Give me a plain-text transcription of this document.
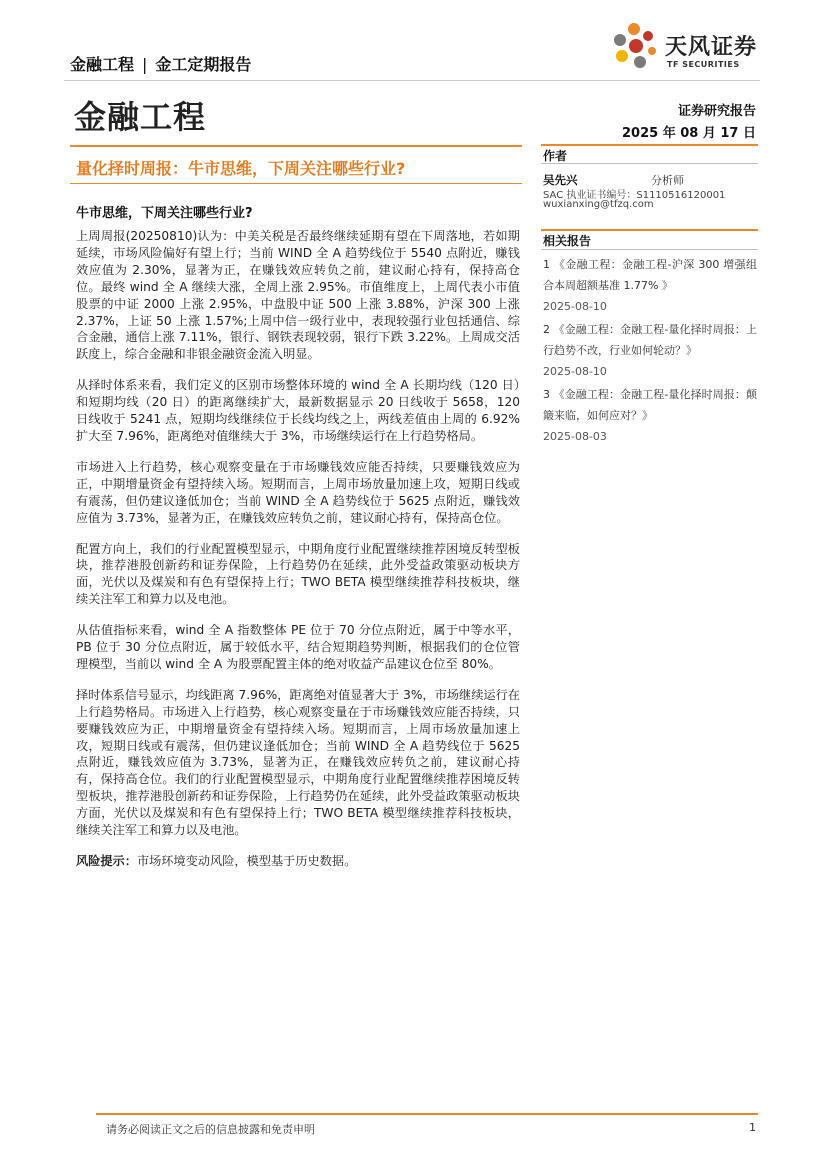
金融工程 | 金工定期报告
天风证券
TF SECURITIES
金融工程	证券研究报告
2025 年 08 月 17 日
量化择时周报：牛市思维，下周关注哪些行业?
牛市思维，下周关注哪些行业?

上周周报(20250810)认为：中美关税是否最终继续延期有望在下周落地，若如期延续，市场风险偏好有望上行；当前 WIND 全 A 趋势线位于 5540 点附近，赚钱效应值为 2.30%，显著为正，在赚钱效应转负之前，建议耐心持有，保持高仓位。最终 wind 全 A 继续大涨，全周上涨 2.95%。市值维度上，上周代表小市值股票的中证 2000 上涨 2.95%，中盘股中证 500 上涨 3.88%，沪深 300 上涨 2.37%，上证 50 上涨 1.57%;上周中信一级行业中，表现较强行业包括通信、综合金融，通信上涨 7.11%，银行、钢铁表现较弱，银行下跌 3.22%。上周成交活跃度上，综合金融和非银金融资金流入明显。

从择时体系来看，我们定义的区别市场整体环境的 wind 全 A 长期均线（120 日）和短期均线（20 日）的距离继续扩大，最新数据显示 20 日线收于 5658，120 日线收于 5241 点，短期均线继续位于长线均线之上，两线差值由上周的 6.92%扩大至 7.96%，距离绝对值继续大于 3%，市场继续运行在上行趋势格局。

市场进入上行趋势，核心观察变量在于市场赚钱效应能否持续，只要赚钱效应为正，中期增量资金有望持续入场。短期而言，上周市场放量加速上攻，短期日线或有震荡，但仍建议逢低加仓；当前 WIND 全 A 趋势线位于 5625 点附近，赚钱效应值为 3.73%，显著为正，在赚钱效应转负之前，建议耐心持有，保持高仓位。

配置方向上，我们的行业配置模型显示，中期角度行业配置继续推荐困境反转型板块，推荐港股创新药和证券保险，上行趋势仍在延续，此外受益政策驱动板块方面，光伏以及煤炭和有色有望保持上行；TWO BETA 模型继续推荐科技板块，继续关注军工和算力以及电池。

从估值指标来看，wind 全 A 指数整体 PE 位于 70 分位点附近，属于中等水平，PB 位于 30 分位点附近，属于较低水平，结合短期趋势判断，根据我们的仓位管理模型，当前以 wind 全 A 为股票配置主体的绝对收益产品建议仓位至 80%。

择时体系信号显示，均线距离 7.96%，距离绝对值显著大于 3%，市场继续运行在上行趋势格局。市场进入上行趋势，核心观察变量在于市场赚钱效应能否持续，只要赚钱效应为正，中期增量资金有望持续入场。短期而言，上周市场放量加速上攻，短期日线或有震荡，但仍建议逢低加仓；当前 WIND 全 A 趋势线位于 5625 点附近，赚钱效应值为 3.73%，显著为正，在赚钱效应转负之前，建议耐心持有，保持高仓位。我们的行业配置模型显示，中期角度行业配置继续推荐困境反转型板块，推荐港股创新药和证券保险，上行趋势仍在延续，此外受益政策驱动板块方面，光伏以及煤炭和有色有望保持上行；TWO BETA 模型继续推荐科技板块，继续关注军工和算力以及电池。

风险提示：市场环境变动风险，模型基于历史数据。

作者
吴先兴	分析师
SAC 执业证书编号：S1110516120001
wuxianxing@tfzq.com
相关报告
1 《金融工程：金融工程-沪深 300 增强组合本周超额基准 1.77% 》
2025-08-10
2 《金融工程：金融工程-量化择时周报：上行趋势不改，行业如何轮动？》
2025-08-10
3 《金融工程：金融工程-量化择时周报：颠簸来临，如何应对？》
2025-08-03
请务必阅读正文之后的信息披露和免责申明	1
